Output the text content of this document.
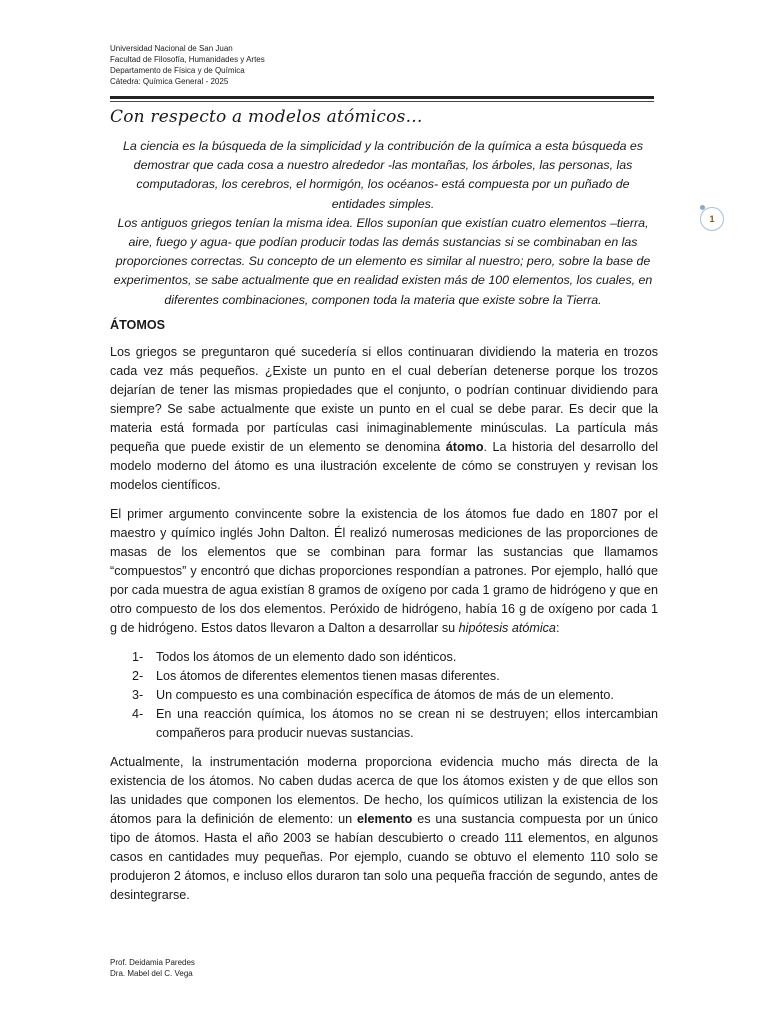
Universidad Nacional de San Juan
Facultad de Filosofía, Humanidades y Artes
Departamento de Física y de Química
Cátedra: Química General - 2025
Con respecto a modelos atómicos…

La ciencia es la búsqueda de la simplicidad y la contribución de la química a esta búsqueda es demostrar que cada cosa a nuestro alrededor -las montañas, los árboles, las personas, las computadoras, los cerebros, el hormigón, los océanos- está compuesta por un puñado de entidades simples.

Los antiguos griegos tenían la misma idea. Ellos suponían que existían cuatro elementos –tierra, aire, fuego y agua- que podían producir todas las demás sustancias si se combinaban en las proporciones correctas. Su concepto de un elemento es similar al nuestro; pero, sobre la base de experimentos, se sabe actualmente que en realidad existen más de 100 elementos, los cuales, en diferentes combinaciones, componen toda la materia que existe sobre la Tierra.

1
ÁTOMOS

Los griegos se preguntaron qué sucedería si ellos continuaran dividiendo la materia en trozos cada vez más pequeños. ¿Existe un punto en el cual deberían detenerse porque los trozos dejarían de tener las mismas propiedades que el conjunto, o podrían continuar dividiendo para siempre? Se sabe actualmente que existe un punto en el cual se debe parar. Es decir que la materia está formada por partículas casi inimaginablemente minúsculas. La partícula más pequeña que puede existir de un elemento se denomina átomo. La historia del desarrollo del modelo moderno del átomo es una ilustración excelente de cómo se construyen y revisan los modelos científicos.

El primer argumento convincente sobre la existencia de los átomos fue dado en 1807 por el maestro y químico inglés John Dalton. Él realizó numerosas mediciones de las proporciones de masas de los elementos que se combinan para formar las sustancias que llamamos “compuestos” y encontró que dichas proporciones respondían a patrones. Por ejemplo, halló que por cada muestra de agua existían 8 gramos de oxígeno por cada 1 gramo de hidrógeno y que en otro compuesto de los dos elementos. Peróxido de hidrógeno, había 16 g de oxígeno por cada 1 g de hidrógeno. Estos datos llevaron a Dalton a desarrollar su hipótesis atómica:

1-	Todos los átomos de un elemento dado son idénticos.
2-	Los átomos de diferentes elementos tienen masas diferentes.
3-	Un compuesto es una combinación específica de átomos de más de un elemento.
4-	En una reacción química, los átomos no se crean ni se destruyen; ellos intercambian compañeros para producir nuevas sustancias.

Actualmente, la instrumentación moderna proporciona evidencia mucho más directa de la existencia de los átomos. No caben dudas acerca de que los átomos existen y de que ellos son las unidades que componen los elementos. De hecho, los químicos utilizan la existencia de los átomos para la definición de elemento: un elemento es una sustancia compuesta por un único tipo de átomos. Hasta el año 2003 se habían descubierto o creado 111 elementos, en algunos casos en cantidades muy pequeñas. Por ejemplo, cuando se obtuvo el elemento 110 solo se produjeron 2 átomos, e incluso ellos duraron tan solo una pequeña fracción de segundo, antes de desintegrarse.

Prof. Deidamia Paredes
Dra. Mabel del C. Vega
